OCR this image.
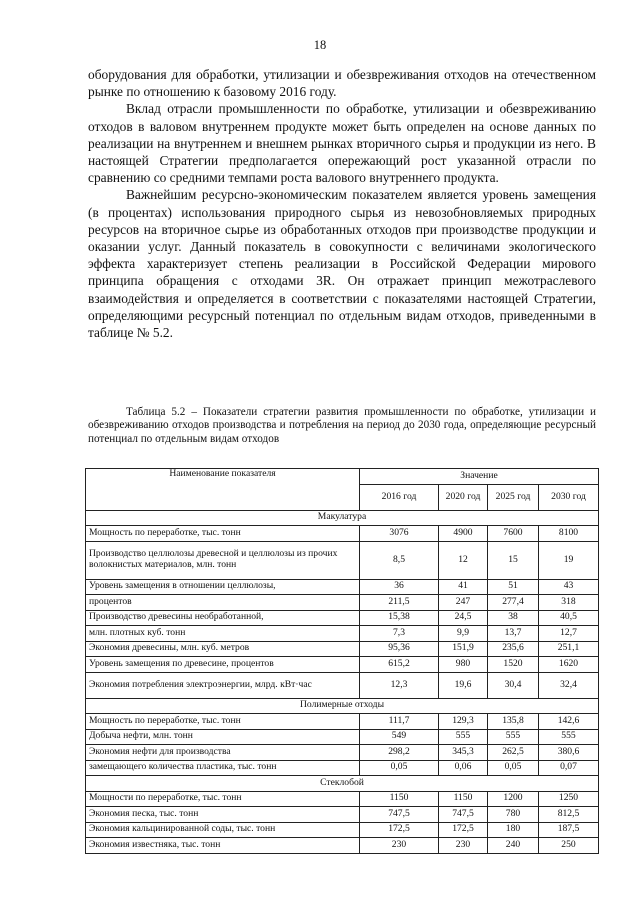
18

оборудования для обработки, утилизации и обезвреживания отходов на отечественном рынке по отношению к базовому 2016 году.

Вклад отрасли промышленности по обработке, утилизации и обезвреживанию отходов в валовом внутреннем продукте может быть определен на основе данных по реализации на внутреннем и внешнем рынках вторичного сырья и продукции из него. В настоящей Стратегии предполагается опережающий рост указанной отрасли по сравнению со средними темпами роста валового внутреннего продукта.

Важнейшим ресурсно-экономическим показателем является уровень замещения (в процентах) использования природного сырья из невозобновляемых природных ресурсов на вторичное сырье из обработанных отходов при производстве продукции и оказании услуг. Данный показатель в совокупности с величинами экологического эффекта характеризует степень реализации в Российской Федерации мирового принципа обращения с отходами 3R. Он отражает принцип межотраслевого взаимодействия и определяется в соответствии с показателями настоящей Стратегии, определяющими ресурсный потенциал по отдельным видам отходов, приведенными в таблице № 5.2.

Таблица 5.2 – Показатели стратегии развития промышленности по обработке, утилизации и обезвреживанию отходов производства и потребления на период до 2030 года, определяющие ресурсный потенциал по отдельным видам отходов

Наименование показателя	Значение			
	2016 год	2020 год	2025 год	2030 год
Макулатура				
Мощность по переработке, тыс. тонн	3076	4900	7600	8100
Производство целлюлозы древесной и целлюлозы из прочих волокнистых материалов, млн. тонн	8,5	12	15	19
Уровень замещения в отношении целлюлозы,	36	41	51	43
процентов	211,5	247	277,4	318
Производство древесины необработанной,	15,38	24,5	38	40,5
млн. плотных куб. тонн	7,3	9,9	13,7	12,7
Экономия древесины, млн. куб. метров	95,36	151,9	235,6	251,1
Уровень замещения по древесине, процентов	615,2	980	1520	1620
Экономия потребления электроэнергии, млрд. кВт·час	12,3	19,6	30,4	32,4
Полимерные отходы				
Мощность по переработке, тыс. тонн	111,7	129,3	135,8	142,6
Добыча нефти, млн. тонн	549	555	555	555
Экономия нефти для производства	298,2	345,3	262,5	380,6
замещающего количества пластика, тыс. тонн	0,05	0,06	0,05	0,07
Стеклобой				
Мощности по переработке, тыс. тонн	1150	1150	1200	1250
Экономия песка, тыс. тонн	747,5	747,5	780	812,5
Экономия кальцинированной соды, тыс. тонн	172,5	172,5	180	187,5
Экономия известняка, тыс. тонн	230	230	240	250
